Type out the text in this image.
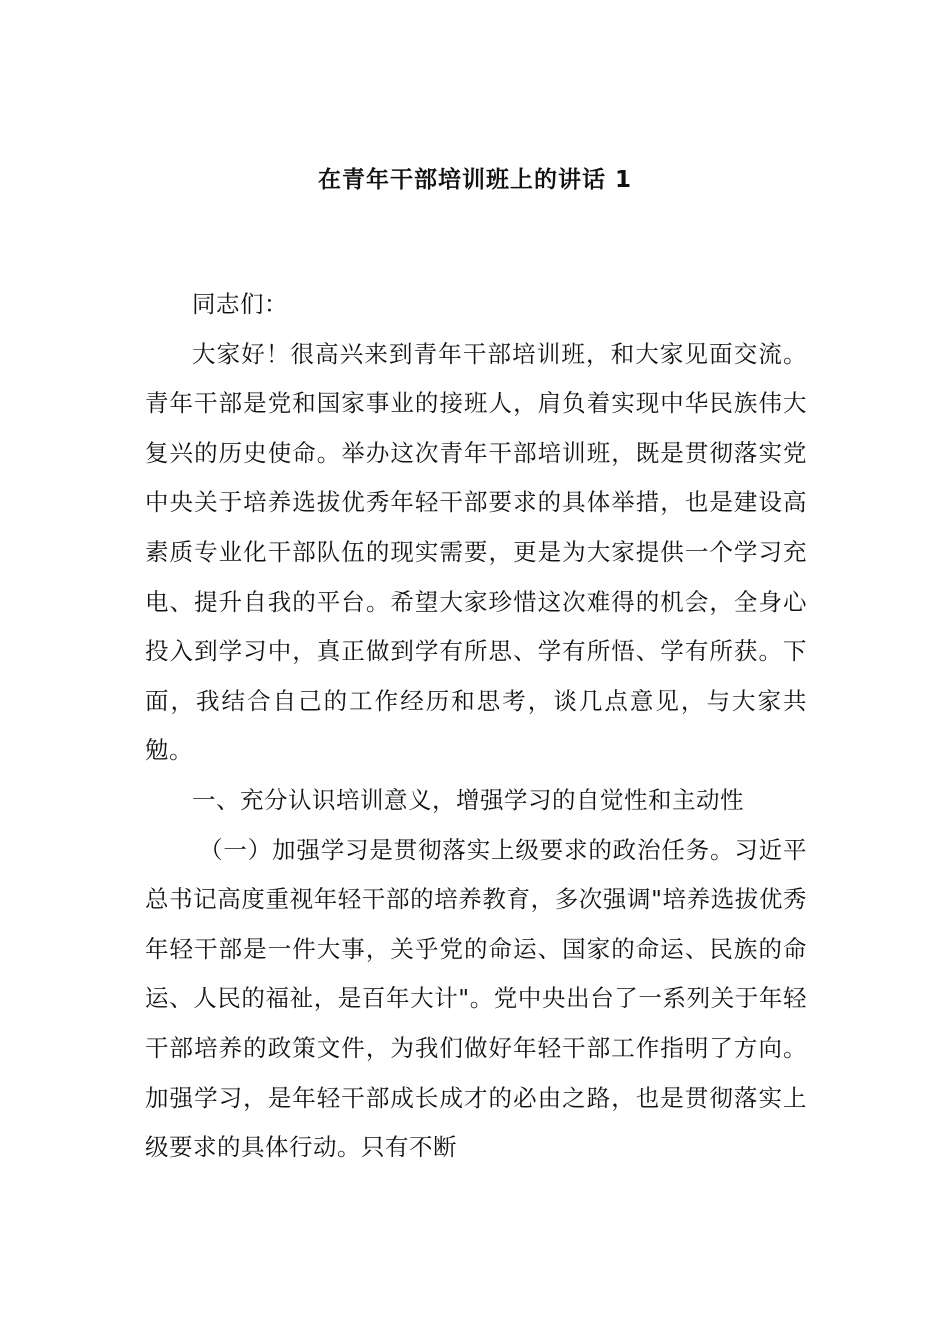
在青年干部培训班上的讲话 1

同志们：

大家好！很高兴来到青年干部培训班，和大家见面交流。青年干部是党和国家事业的接班人，肩负着实现中华民族伟大复兴的历史使命。举办这次青年干部培训班，既是贯彻落实党中央关于培养选拔优秀年轻干部要求的具体举措，也是建设高素质专业化干部队伍的现实需要，更是为大家提供一个学习充电、提升自我的平台。希望大家珍惜这次难得的机会，全身心投入到学习中，真正做到学有所思、学有所悟、学有所获。下面，我结合自己的工作经历和思考，谈几点意见，与大家共勉。

一、充分认识培训意义，增强学习的自觉性和主动性

（一）加强学习是贯彻落实上级要求的政治任务。习近平总书记高度重视年轻干部的培养教育，多次强调"培养选拔优秀年轻干部是一件大事，关乎党的命运、国家的命运、民族的命运、人民的福祉，是百年大计"。党中央出台了一系列关于年轻干部培养的政策文件，为我们做好年轻干部工作指明了方向。加强学习，是年轻干部成长成才的必由之路，也是贯彻落实上级要求的具体行动。只有不断
